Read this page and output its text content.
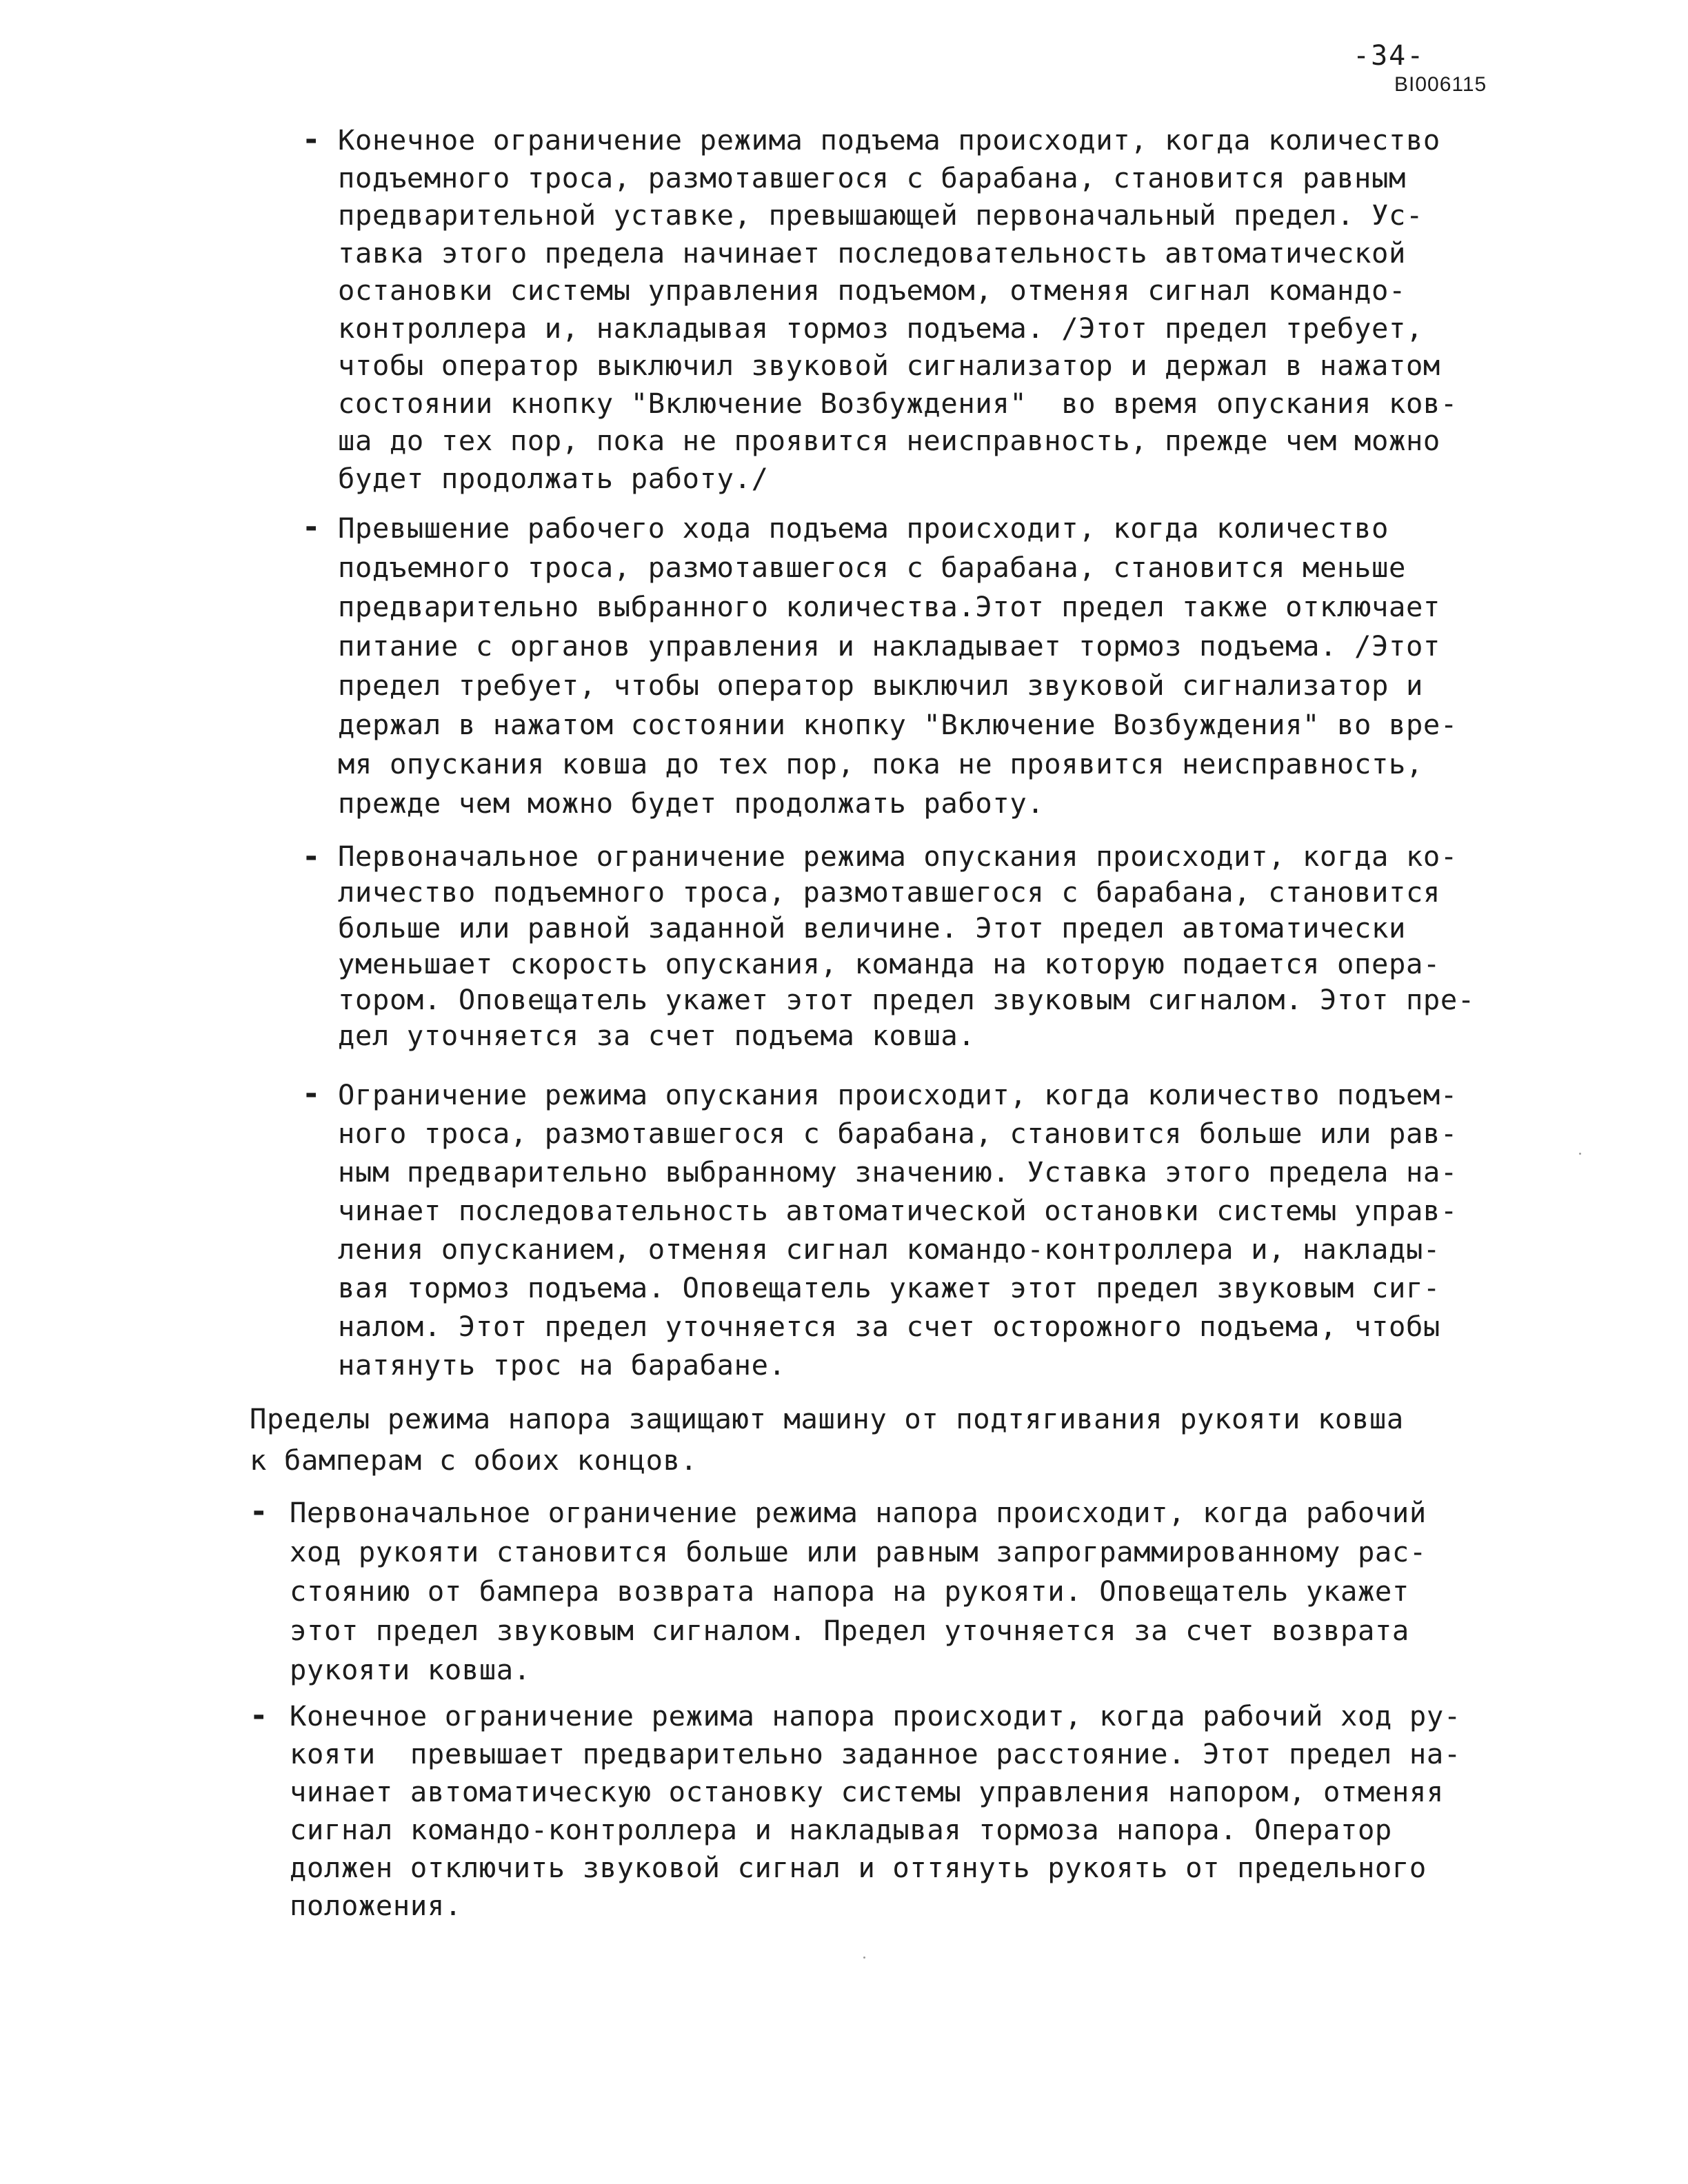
-34-
BI006115
- Конечное ограничение режима подъема происходит, когда количество
подъемного троса, размотавшегося с барабана, становится равным
предварительной уставке, превышающей первоначальный предел. Ус-
тавка этого предела начинает последовательность автоматической
остановки системы управления подъемом, отменяя сигнал командо-
контроллера и, накладывая тормоз подъема. /Этот предел требует,
чтобы оператор выключил звуковой сигнализатор и держал в нажатом
состоянии кнопку "Включение Возбуждения"  во время опускания ков-
ша до тех пор, пока не проявится неисправность, прежде чем можно
будет продолжать работу./

- Превышение рабочего хода подъема происходит, когда количество
подъемного троса, размотавшегося с барабана, становится меньше
предварительно выбранного количества.Этот предел также отключает
питание с органов управления и накладывает тормоз подъема. /Этот
предел требует, чтобы оператор выключил звуковой сигнализатор и
держал в нажатом состоянии кнопку "Включение Возбуждения" во вре-
мя опускания ковша до тех пор, пока не проявится неисправность,
прежде чем можно будет продолжать работу.

- Первоначальное ограничение режима опускания происходит, когда ко-
личество подъемного троса, размотавшегося с барабана, становится
больше или равной заданной величине. Этот предел автоматически
уменьшает скорость опускания, команда на которую подается опера-
тором. Оповещатель укажет этот предел звуковым сигналом. Этот пре-
дел уточняется за счет подъема ковша.

- Ограничение режима опускания происходит, когда количество подъем-
ного троса, размотавшегося с барабана, становится больше или рав-
ным предварительно выбранному значению. Уставка этого предела на-
чинает последовательность автоматической остановки системы управ-
ления опусканием, отменяя сигнал командо-контроллера и, наклады-
вая тормоз подъема. Оповещатель укажет этот предел звуковым сиг-
налом. Этот предел уточняется за счет осторожного подъема, чтобы
натянуть трос на барабане.

Пределы режима напора защищают машину от подтягивания рукояти ковша
к бамперам с обоих концов.

- Первоначальное ограничение режима напора происходит, когда рабочий
ход рукояти становится больше или равным запрограммированному рас-
стоянию от бампера возврата напора на рукояти. Оповещатель укажет
этот предел звуковым сигналом. Предел уточняется за счет возврата
рукояти ковша.

- Конечное ограничение режима напора происходит, когда рабочий ход ру-
кояти  превышает предварительно заданное расстояние. Этот предел на-
чинает автоматическую остановку системы управления напором, отменяя
сигнал командо-контроллера и накладывая тормоза напора. Оператор
должен отключить звуковой сигнал и оттянуть рукоять от предельного
положения.
